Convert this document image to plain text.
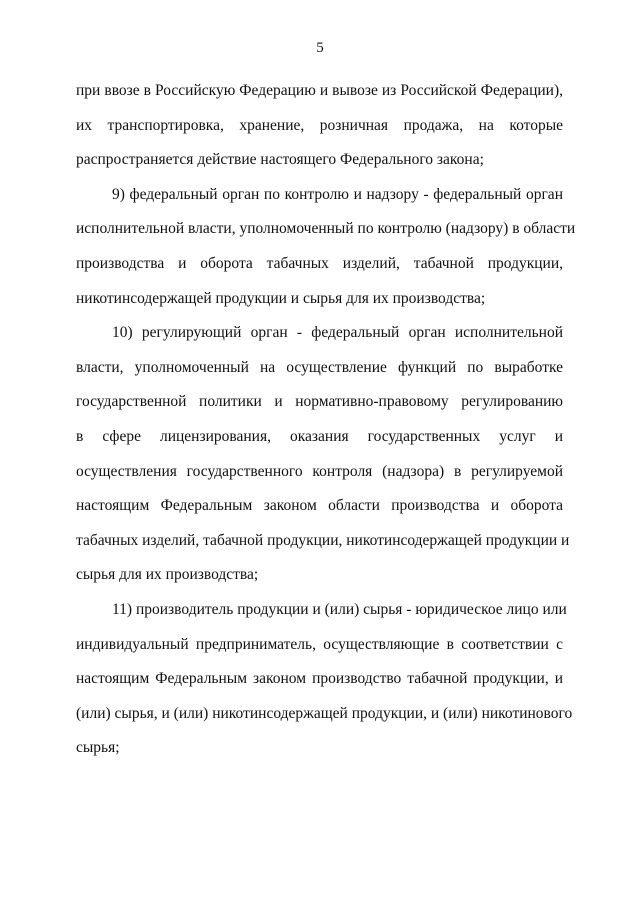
5

при ввозе в Российскую Федерацию и вывозе из Российской Федерации),
их транспортировка, хранение, розничная продажа, на которые
распространяется действие настоящего Федерального закона;

9) федеральный орган по контролю и надзору - федеральный орган
исполнительной власти, уполномоченный по контролю (надзору) в области
производства и оборота табачных изделий, табачной продукции,
никотинсодержащей продукции и сырья для их производства;

10) регулирующий орган - федеральный орган исполнительной
власти, уполномоченный на осуществление функций по выработке
государственной политики и нормативно-правовому регулированию
в сфере лицензирования, оказания государственных услуг и
осуществления государственного контроля (надзора) в регулируемой
настоящим Федеральным законом области производства и оборота
табачных изделий, табачной продукции, никотинсодержащей продукции и
сырья для их производства;

11) производитель продукции и (или) сырья - юридическое лицо или
индивидуальный предприниматель, осуществляющие в соответствии с
настоящим Федеральным законом производство табачной продукции, и
(или) сырья, и (или) никотинсодержащей продукции, и (или) никотинового
сырья;
